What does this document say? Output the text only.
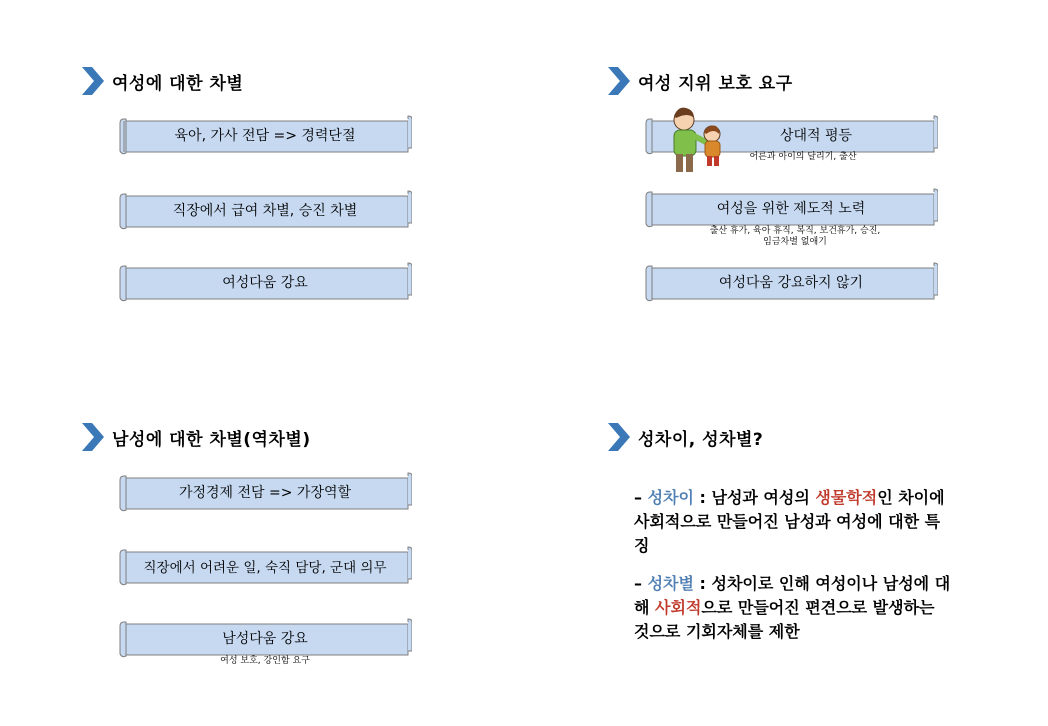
여성에 대한 차별
육아, 가사 전담 => 경력단절
직장에서 급여 차별, 승진 차별
여성다움 강요
여성 지위 보호 요구
상대적 평등
어른과 아이의 달리기, 출산
여성을 위한 제도적 노력
출산 휴가, 육아 휴직, 복직, 보건휴가, 승진,
임금차별 없애기
여성다움 강요하지 않기
남성에 대한 차별(역차별)
가정경제 전담 => 가장역할
직장에서 어려운 일, 숙직 담당, 군대 의무
남성다움 강요
여성 보호, 강인함 요구
성차이, 성차별?
– 성차이 : 남성과 여성의 생물학적인 차이에 사회적으로 만들어진 남성과 여성에 대한 특징
– 성차별 : 성차이로 인해 여성이나 남성에 대해 사회적으로 만들어진 편견으로 발생하는 것으로 기회자체를 제한
